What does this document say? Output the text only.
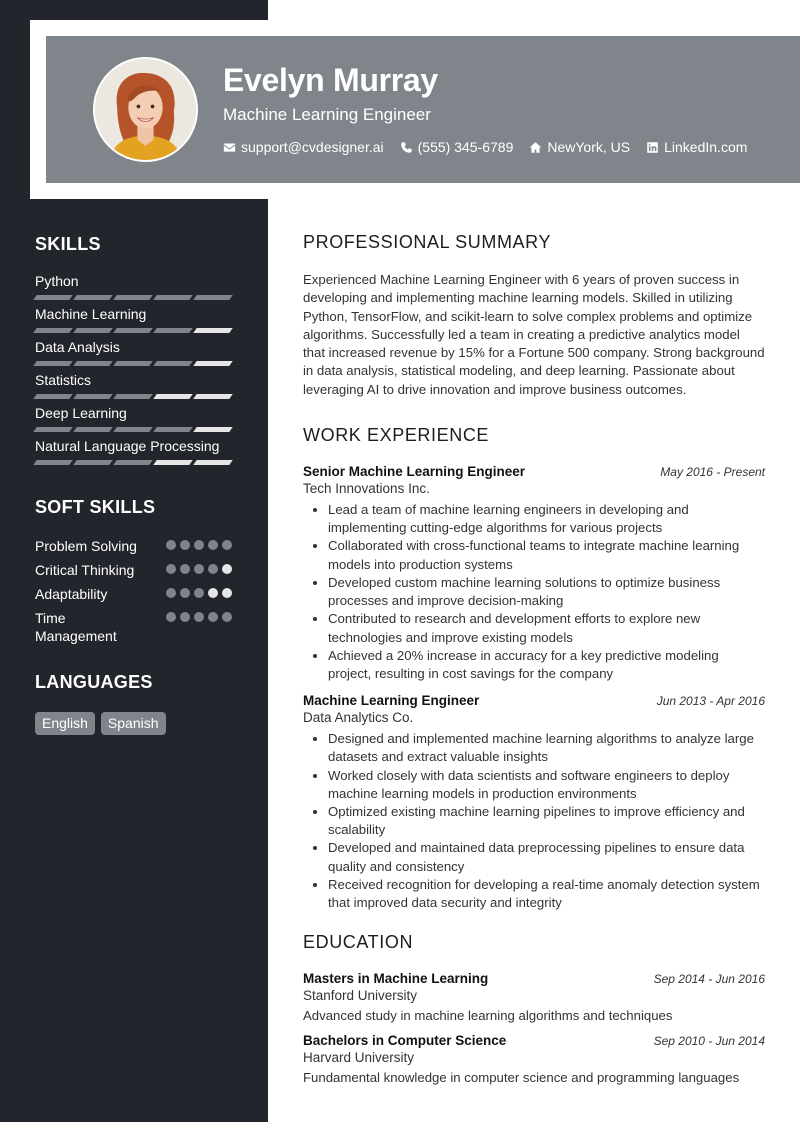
Evelyn Murray
Machine Learning Engineer
support@cvdesigner.ai (555) 345-6789 NewYork, US LinkedIn.com
SKILLS
Python
Machine Learning
Data Analysis
Statistics
Deep Learning
Natural Language Processing
SOFT SKILLS
Problem Solving
Critical Thinking
Adaptability
Time Management
LANGUAGES
English	Spanish
PROFESSIONAL SUMMARY

Experienced Machine Learning Engineer with 6 years of proven success in developing and implementing machine learning models. Skilled in utilizing Python, TensorFlow, and scikit-learn to solve complex problems and optimize algorithms. Successfully led a team in creating a predictive analytics model that increased revenue by 15% for a Fortune 500 company. Strong background in data analysis, statistical modeling, and deep learning. Passionate about leveraging AI to drive innovation and improve business outcomes.

WORK EXPERIENCE
Senior Machine Learning Engineer	May 2016 - Present
Tech Innovations Inc.
• Lead a team of machine learning engineers in developing and implementing cutting-edge algorithms for various projects
• Collaborated with cross-functional teams to integrate machine learning models into production systems
• Developed custom machine learning solutions to optimize business processes and improve decision-making
• Contributed to research and development efforts to explore new technologies and improve existing models
• Achieved a 20% increase in accuracy for a key predictive modeling project, resulting in cost savings for the company
Machine Learning Engineer	Jun 2013 - Apr 2016
Data Analytics Co.
• Designed and implemented machine learning algorithms to analyze large datasets and extract valuable insights
• Worked closely with data scientists and software engineers to deploy machine learning models in production environments
• Optimized existing machine learning pipelines to improve efficiency and scalability
• Developed and maintained data preprocessing pipelines to ensure data quality and consistency
• Received recognition for developing a real-time anomaly detection system that improved data security and integrity
EDUCATION
Masters in Machine Learning	Sep 2014 - Jun 2016
Stanford University
Advanced study in machine learning algorithms and techniques
Bachelors in Computer Science	Sep 2010 - Jun 2014
Harvard University
Fundamental knowledge in computer science and programming languages
